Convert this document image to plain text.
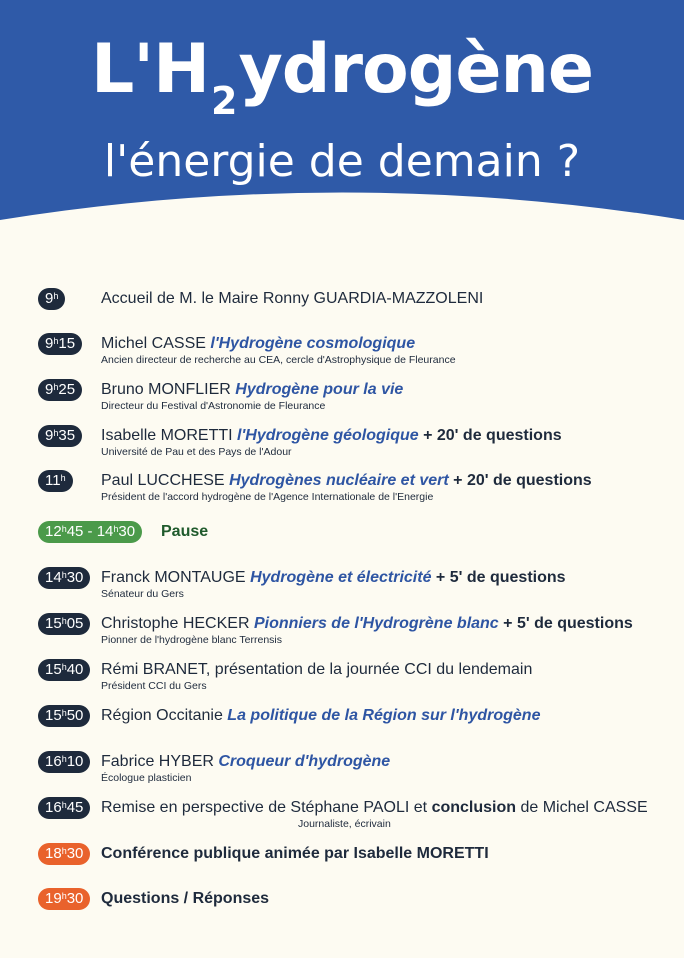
$L'H_2ydrogène$
l'énergie de demain ?
9$^h$	Accueil de M. le Maire Ronny GUARDIA-MAZZOLENI
9$^h$15	Michel CASSE l'Hydrogène cosmologique
Ancien directeur de recherche au CEA, cercle d'Astrophysique de Fleurance
9$^h$25	Bruno MONFLIER Hydrogène pour la vie
Directeur du Festival d'Astronomie de Fleurance
9$^h$35	Isabelle MORETTI l'Hydrogène géologique + 20' de questions
Université de Pau et des Pays de l'Adour
11$^h$	Paul LUCCHESE Hydrogènes nucléaire et vert + 20' de questions
Président de l'accord hydrogène de l'Agence Internationale de l'Energie
12$^h$45 - 14$^h$30	Pause
14$^h$30	Franck MONTAUGE Hydrogène et électricité + 5' de questions
Sénateur du Gers
15$^h$05	Christophe HECKER Pionniers de l'Hydrogrène blanc + 5' de questions
Pionner de l'hydrogène blanc Terrensis
15$^h$40	Rémi BRANET, présentation de la journée CCI du lendemain
Président CCI du Gers
15$^h$50	Région Occitanie La politique de la Région sur l'hydrogène
16$^h$10	Fabrice HYBER Croqueur d'hydrogène
Écologue plasticien
16$^h$45	Remise en perspective de Stéphane PAOLI et conclusion de Michel CASSE
Journaliste, écrivain
18$^h$30	Conférence publique animée par Isabelle MORETTI
19$^h$30	Questions / Réponses
